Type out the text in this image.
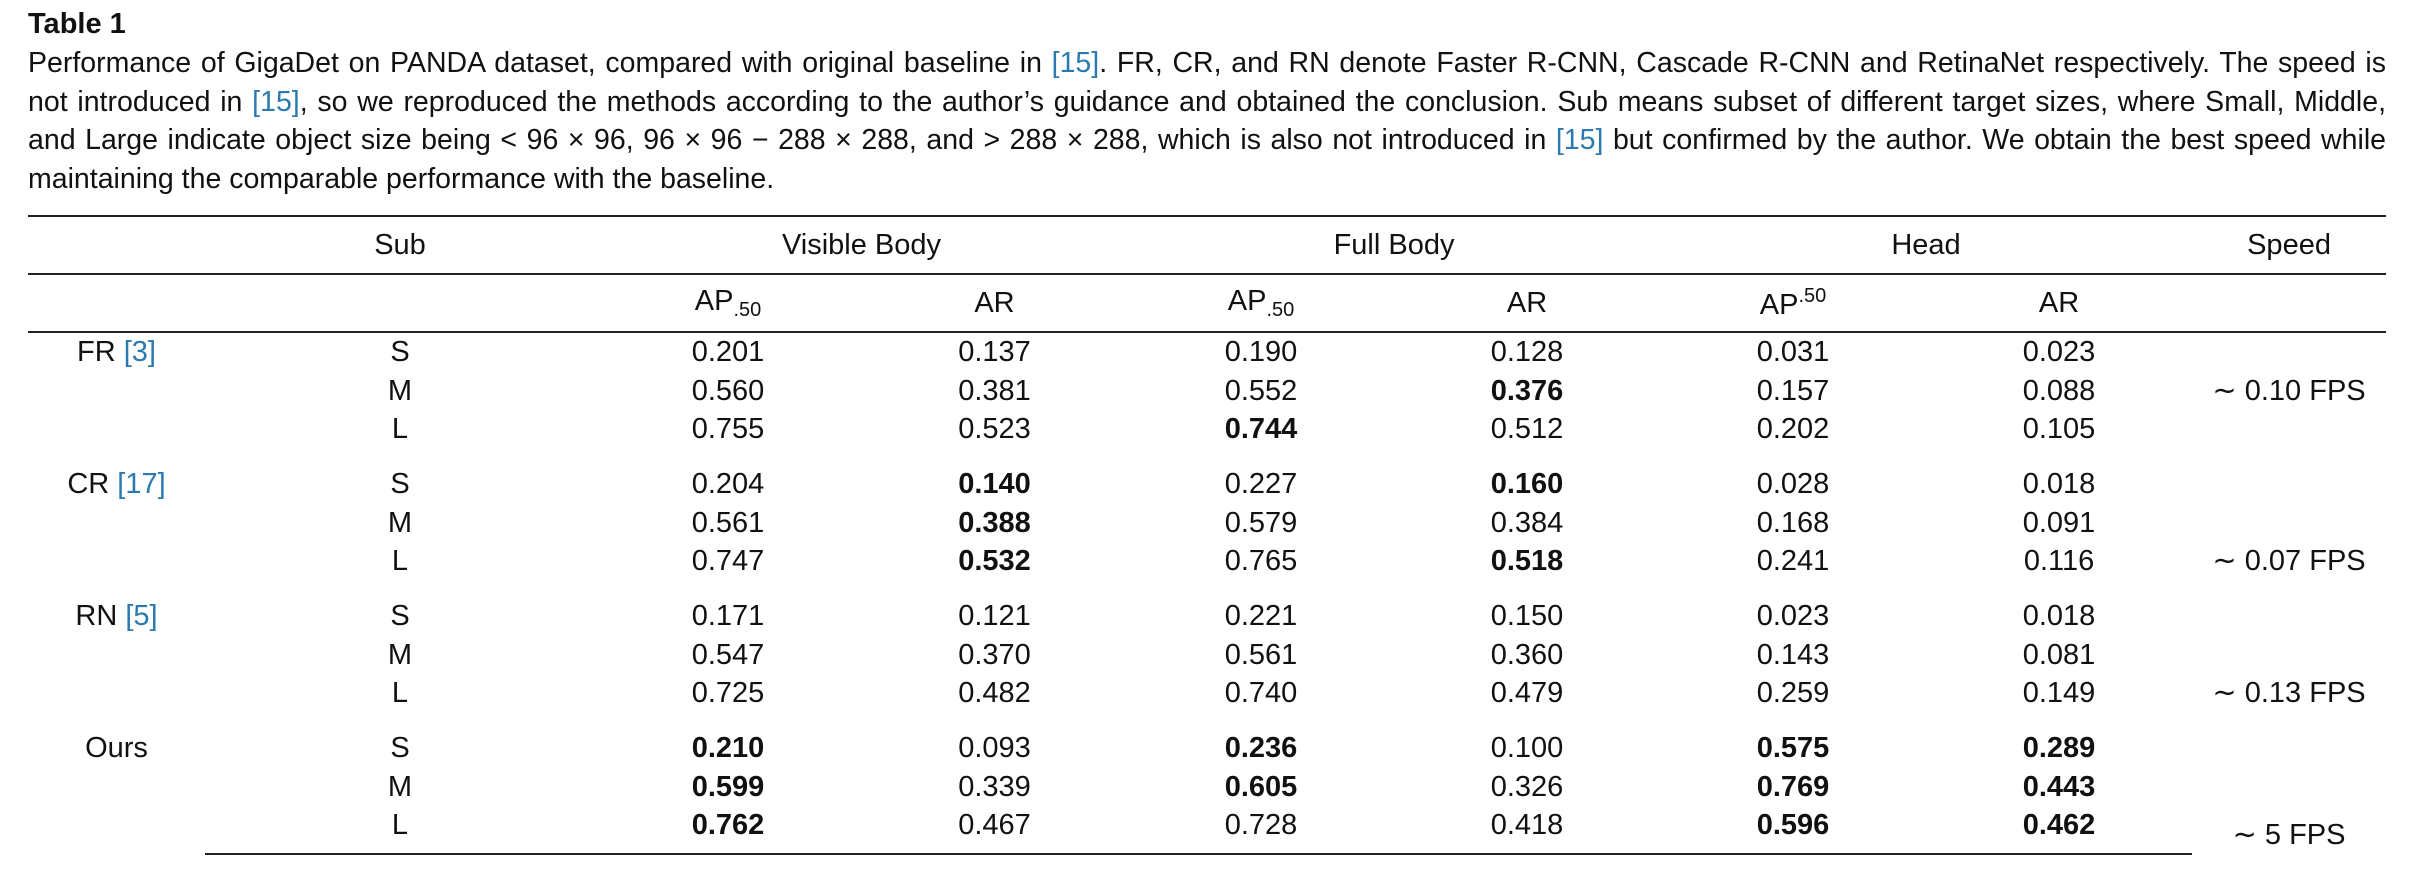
Table 1

Performance of GigaDet on PANDA dataset, compared with original baseline in [15]. FR, CR, and RN denote Faster R-CNN, Cascade R-CNN and RetinaNet respectively. The speed is not introduced in [15], so we reproduced the methods according to the author’s guidance and obtained the conclusion. Sub means subset of different target sizes, where Small, Middle, and Large indicate object size being < 96 × 96, 96 × 96 − 288 × 288, and > 288 × 288, which is also not introduced in [15] but confirmed by the author. We obtain the best speed while maintaining the comparable performance with the baseline.

	Sub	Visible Body		Full Body		Head		Speed
		$AP_{.50}$	AR	$AP_{.50}$	AR	$AP^{.50}$	AR	
FR [3]	S	0.201	0.137	0.190	0.128	0.031	0.023	∼ 0.10 FPS
	M	0.560	0.381	0.552	0.376	0.157	0.088	
	L	0.755	0.523	0.744	0.512	0.202	0.105	
CR [17]	S	0.204	0.140	0.227	0.160	0.028	0.018	∼ 0.07 FPS
	M	0.561	0.388	0.579	0.384	0.168	0.091	
	L	0.747	0.532	0.765	0.518	0.241	0.116	
RN [5]	S	0.171	0.121	0.221	0.150	0.023	0.018	∼ 0.13 FPS
	M	0.547	0.370	0.561	0.360	0.143	0.081	
	L	0.725	0.482	0.740	0.479	0.259	0.149	
Ours	S	0.210	0.093	0.236	0.100	0.575	0.289	∼ 5 FPS
	M	0.599	0.339	0.605	0.326	0.769	0.443	
	L	0.762	0.467	0.728	0.418	0.596	0.462	
